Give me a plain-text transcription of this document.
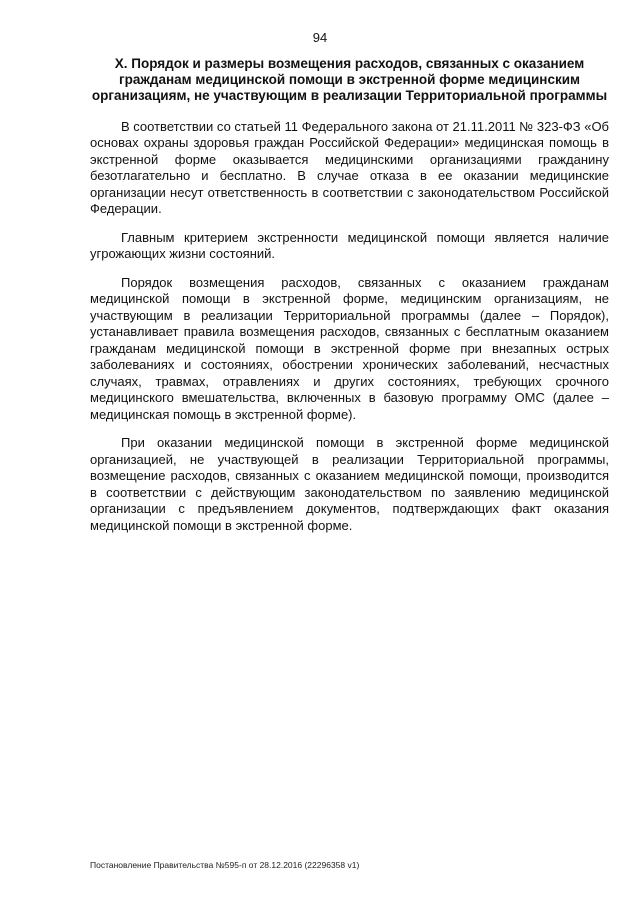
94
X. Порядок и размеры возмещения расходов, связанных с оказанием гражданам медицинской помощи в экстренной форме медицинским организациям, не участвующим в реализации Территориальной программы

В соответствии со статьей 11 Федерального закона от 21.11.2011 № 323-ФЗ «Об основах охраны здоровья граждан Российской Федерации» медицинская помощь в экстренной форме оказывается медицинскими организациями гражданину безотлагательно и бесплатно. В случае отказа в ее оказании медицинские организации несут ответственность в соответствии с законодательством Российской Федерации.

Главным критерием экстренности медицинской помощи является наличие угрожающих жизни состояний.

Порядок возмещения расходов, связанных с оказанием гражданам медицинской помощи в экстренной форме, медицинским организациям, не участвующим в реализации Территориальной программы (далее – Порядок), устанавливает правила возмещения расходов, связанных с бесплатным оказанием гражданам медицинской помощи в экстренной форме при внезапных острых заболеваниях и состояниях, обострении хронических заболеваний, несчастных случаях, травмах, отравлениях и других состояниях, требующих срочного медицинского вмешательства, включенных в базовую программу ОМС (далее – медицинская помощь в экстренной форме).

При оказании медицинской помощи в экстренной форме медицинской организацией, не участвующей в реализации Территориальной программы, возмещение расходов, связанных с оказанием медицинской помощи, производится в соответствии с действующим законодательством по заявлению медицинской организации с предъявлением документов, подтверждающих факт оказания медицинской помощи в экстренной форме.

Постановление Правительства №595-п от 28.12.2016 (22296358 v1)
